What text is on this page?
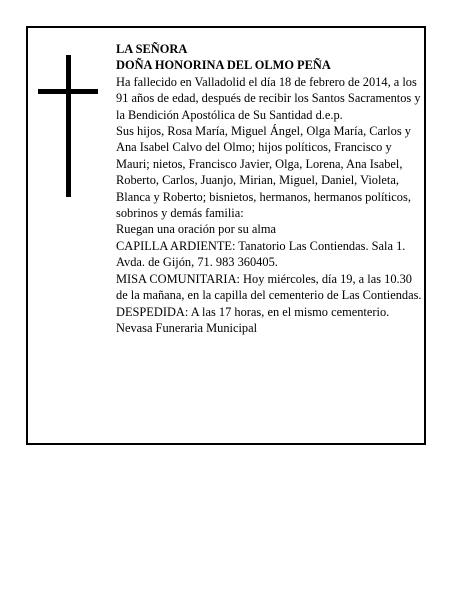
LA SEÑORA

DOÑA HONORINA DEL OLMO PEÑA

Ha fallecido en Valladolid el día 18 de febrero de 2014, a los 91 años de edad, después de recibir los Santos Sacramentos y la Bendición Apostólica de Su Santidad d.e.p.

Sus hijos, Rosa María, Miguel Ángel, Olga María, Carlos y Ana Isabel Calvo del Olmo; hijos políticos, Francisco y Mauri; nietos, Francisco Javier, Olga, Lorena, Ana Isabel, Roberto, Carlos, Juanjo, Mirian, Miguel, Daniel, Violeta, Blanca y Roberto; bisnietos, hermanos, hermanos políticos, sobrinos y demás familia:

Ruegan una oración por su alma

CAPILLA ARDIENTE: Tanatorio Las Contiendas. Sala 1. Avda. de Gijón, 71. 983 360405.

MISA COMUNITARIA: Hoy miércoles, día 19, a las 10.30 de la mañana, en la capilla del cementerio de Las Contiendas.

DESPEDIDA: A las 17 horas, en el mismo cementerio.

Nevasa Funeraria Municipal
